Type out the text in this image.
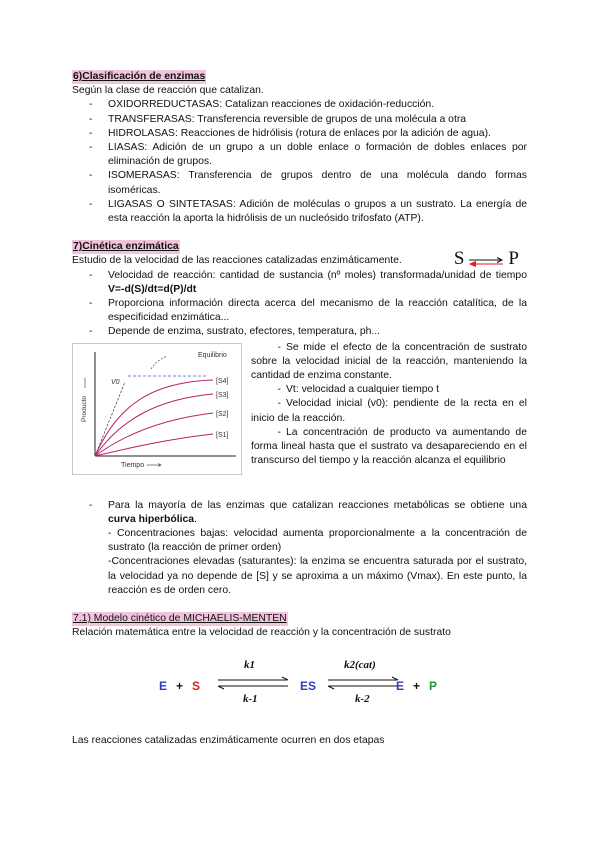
6)Clasificación de enzimas

Según la clase de reacción que catalizan.

- OXIDORREDUCTASAS: Catalizan reacciones de oxidación-reducción.
- TRANSFERASAS: Transferencia reversible de grupos de una molécula a otra
- HIDROLASAS: Reacciones de hidrólisis (rotura de enlaces por la adición de agua).
- LIASAS: Adición de un grupo a un doble enlace o formación de dobles enlaces por eliminación de grupos.
- ISOMERASAS: Transferencia de grupos dentro de una molécula dando formas isoméricas.
- LIGASAS O SINTETASAS: Adición de moléculas o grupos a un sustrato. La energía de esta reacción la aporta la hidrólisis de un nucleósido trifosfato (ATP).

7)Cinética enzimática

Estudio de la velocidad de las reacciones catalizadas enzimáticamente.	S ⇌ P
- Velocidad de reacción: cantidad de sustancia (nº moles) transformada/unidad de tiempo V=-d(S)/dt=d(P)/dt
- Proporciona información directa acerca del mecanismo de la reacción catalítica, de la especificidad enzimática...
- Depende de enzima, sustrato, efectores, temperatura, ph...
Equilibrio
V0	[S4]
[S3]
[S2]
[S1]
Producto
Tiempo

- Se mide el efecto de la concentración de sustrato sobre la velocidad inicial de la reacción, manteniendo la cantidad de enzima constante.

- Vt: velocidad a cualquier tiempo t

- Velocidad inicial (v0): pendiente de la recta en el inicio de la reacción.

- La concentración de producto va aumentando de forma lineal hasta que el sustrato va desapareciendo en el transcurso del tiempo y la reacción alcanza el equilibrio

- Para la mayoría de las enzimas que catalizan reacciones metabólicas se obtiene una curva hiperbólica.

- Concentraciones bajas: velocidad aumenta proporcionalmente a la concentración de sustrato (la reacción de primer orden)

-Concentraciones elevadas (saturantes): la enzima se encuentra saturada por el sustrato, la velocidad ya no depende de [S] y se aproxima a un máximo (Vmax). En este punto, la reacción es de orden cero.

7.1) Modelo cinético de MICHAELIS-MENTEN

Relación matemática entre la velocidad de reacción y la concentración de sustrato

E + S
k1
k-1
ES
k2(cat)
k-2
E + P

Las reacciones catalizadas enzimáticamente ocurren en dos etapas
